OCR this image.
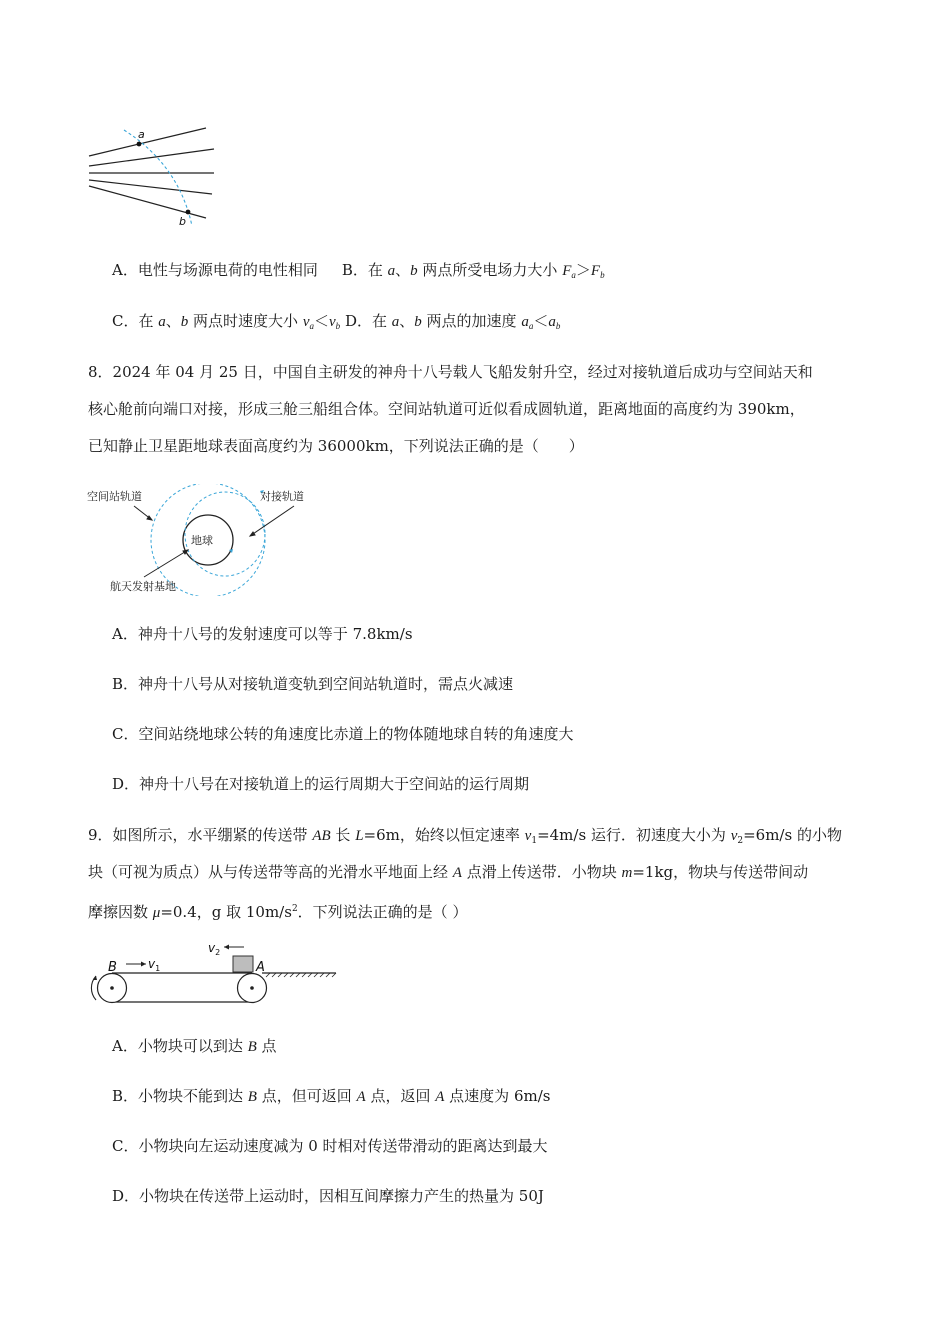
a
b
A．电性与场源电荷的电性相同 B．在 a、b 两点所受电场力大小 $F_a>F_b$
C．在 a、b 两点时速度大小 $v_a<v_b$ D．在 a、b 两点的加速度 $a_a<a_b$
8．2024 年 04 月 25 日，中国自主研发的神舟十八号载人飞船发射升空，经过对接轨道后成功与空间站天和
核心舱前向端口对接，形成三舱三船组合体。空间站轨道可近似看成圆轨道，距离地面的高度约为 390km，
已知静止卫星距地球表面高度约为 36000km，下列说法正确的是（　　）
空间站轨道	对接轨道
地球
航天发射基地
A．神舟十八号的发射速度可以等于 7.8km/s
B．神舟十八号从对接轨道变轨到空间站轨道时，需点火减速
C．空间站绕地球公转的角速度比赤道上的物体随地球自转的角速度大
D．神舟十八号在对接轨道上的运行周期大于空间站的运行周期
9．如图所示，水平绷紧的传送带 AB 长 L=6m，始终以恒定速率 $v_1=4m/s$ 运行．初速度大小为 $v_2=6m/s$ 的小物
块（可视为质点）从与传送带等高的光滑水平地面上经 A 点滑上传送带．小物块 m=1kg，物块与传送带间动
摩擦因数 μ=0.4，g 取 $10m/s^2$．下列说法正确的是（ ）
B	A
$v_1$
$v_2$
A．小物块可以到达 B 点
B．小物块不能到达 B 点，但可返回 A 点，返回 A 点速度为 6m/s
C．小物块向左运动速度减为 0 时相对传送带滑动的距离达到最大
D．小物块在传送带上运动时，因相互间摩擦力产生的热量为 50J
